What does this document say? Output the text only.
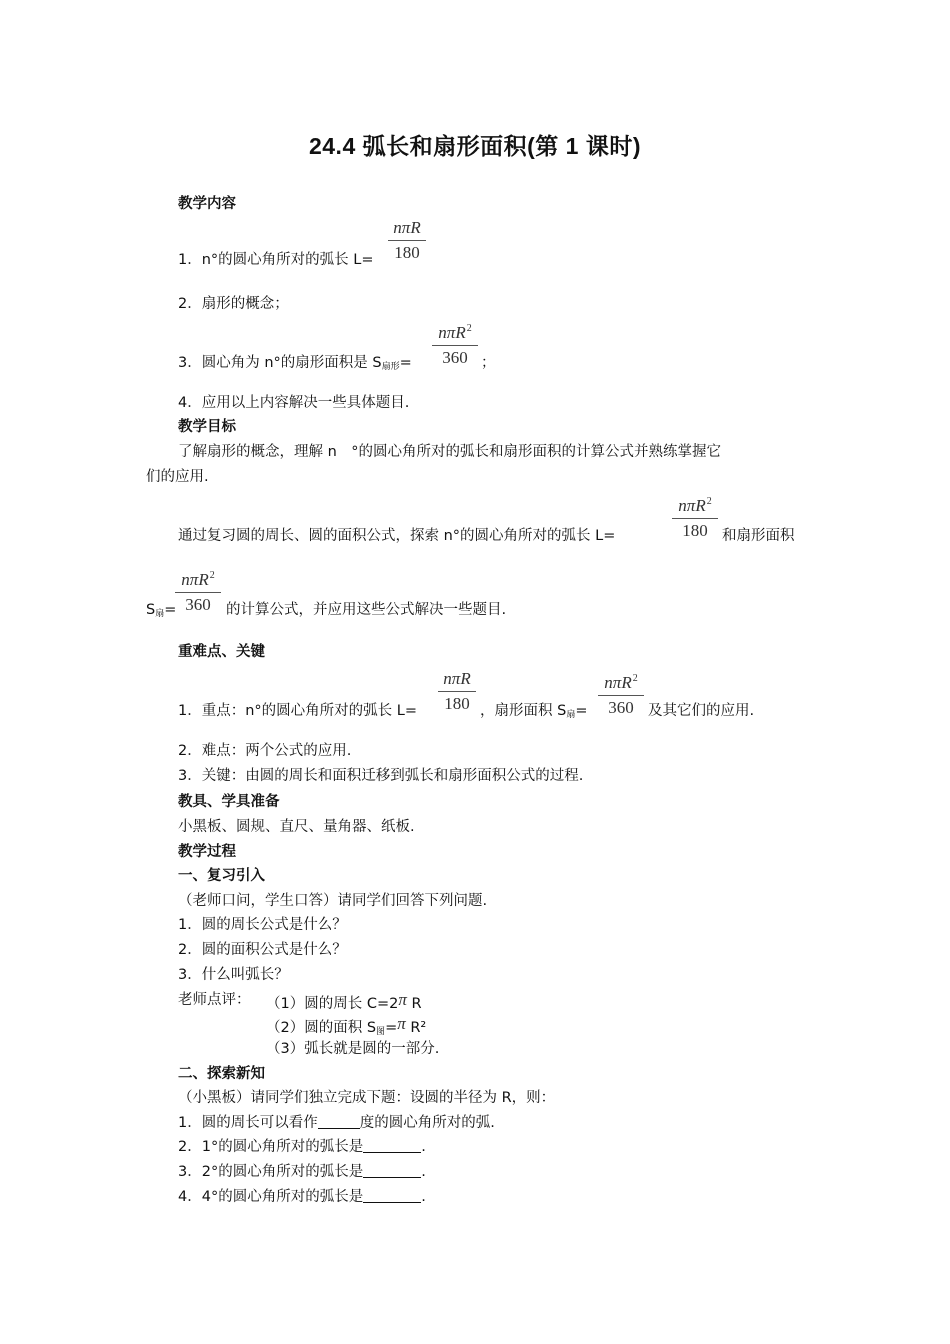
24.4 弧长和扇形面积(第 1 课时)
教学内容
nπR
180
1．n°的圆心角所对的弧长 L=
2．扇形的概念；
nπR$^2$
360
3．圆心角为 n°的扇形面积是 $S_{扇形}=$	；
4．应用以上内容解决一些具体题目.
教学目标
了解扇形的概念，理解 n　°的圆心角所对的弧长和扇形面积的计算公式并熟练掌握它
们的应用.
nπR$^2$
180
通过复习圆的周长、圆的面积公式，探索 n°的圆心角所对的弧长 L=	和扇形面积
nπR$^2$
360
$S_扇=$	的计算公式，并应用这些公式解决一些题目.
重难点、关键
nπR
180
nπR$^2$
360
1．重点：n°的圆心角所对的弧长 L=	，扇形面积 $S_扇=$	及其它们的应用.
2．难点：两个公式的应用.
3．关键：由圆的周长和面积迁移到弧长和扇形面积公式的过程.
教具、学具准备
小黑板、圆规、直尺、量角器、纸板.
教学过程
一、复习引入
（老师口问，学生口答）请同学们回答下列问题.
1．圆的周长公式是什么？
2．圆的面积公式是什么？
3．什么叫弧长？
老师点评： （1）圆的周长 C=2π R
（2）圆的面积 $S_图=\pi$ R²
（3）弧长就是圆的一部分.
二、探索新知
（小黑板）请同学们独立完成下题：设圆的半径为 R，则：
1．圆的周长可以看作	度的圆心角所对的弧.
2．1°的圆心角所对的弧长是	.
3．2°的圆心角所对的弧长是	.
4．4°的圆心角所对的弧长是	.
